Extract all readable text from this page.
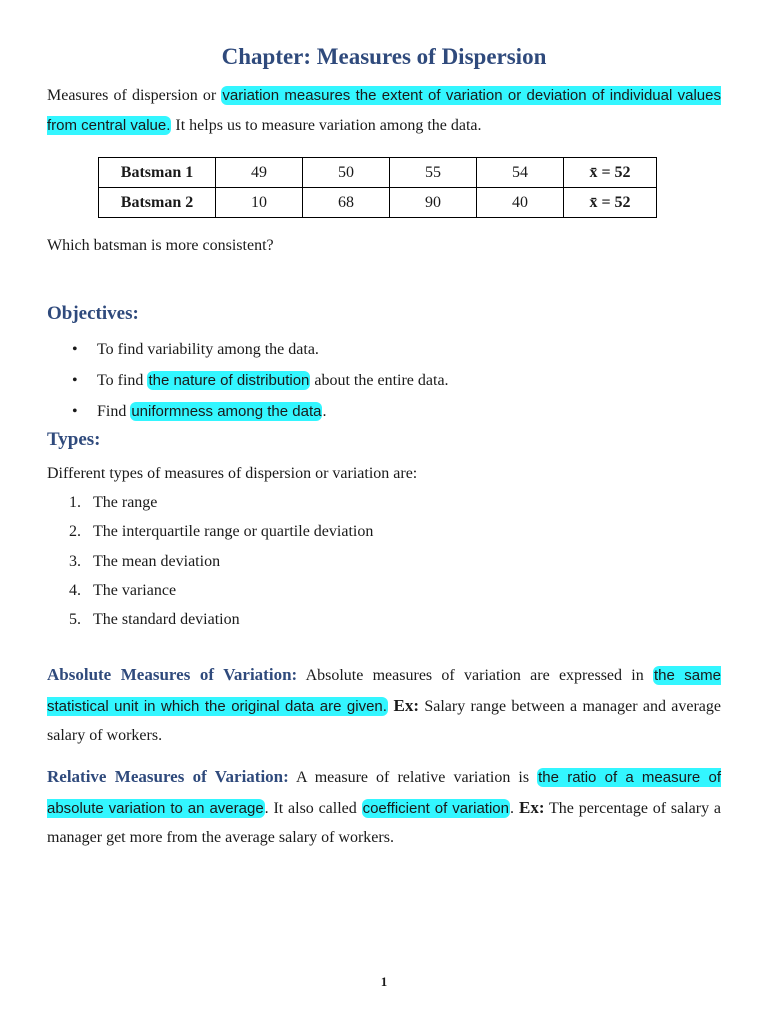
Chapter: Measures of Dispersion

Measures of dispersion or variation measures the extent of variation or deviation of individual values from central value. It helps us to measure variation among the data.

Batsman 1	49	50	55	54	x̄ = 52
Batsman 2	10	68	90	40	x̄ = 52

Which batsman is more consistent?

Objectives:
• To find variability among the data.
• To find the nature of distribution about the entire data.
• Find uniformness among the data.
Types:

Different types of measures of dispersion or variation are:

1. The range
2. The interquartile range or quartile deviation
3. The mean deviation
4. The variance
5. The standard deviation

Absolute Measures of Variation: Absolute measures of variation are expressed in the same statistical unit in which the original data are given. Ex: Salary range between a manager and average salary of workers.

Relative Measures of Variation: A measure of relative variation is the ratio of a measure of absolute variation to an average. It also called coefficient of variation. Ex: The percentage of salary a manager get more from the average salary of workers.

1
